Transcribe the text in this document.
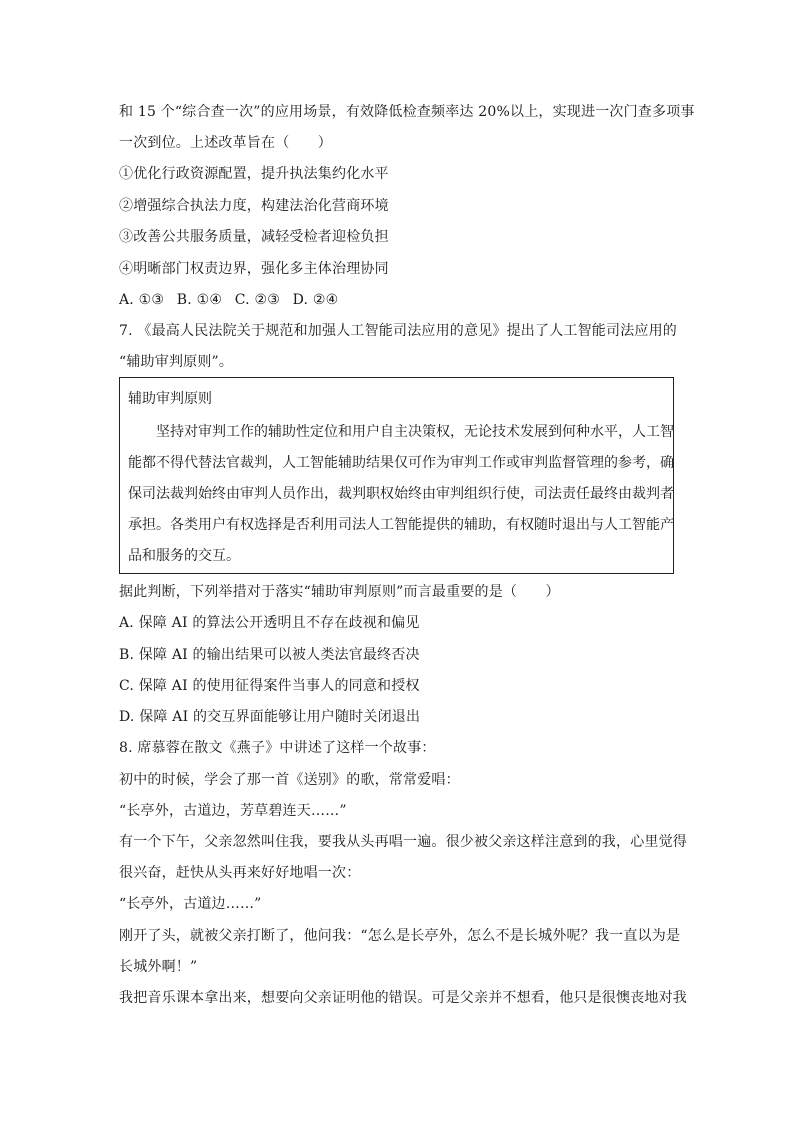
和 15 个“综合查一次”的应用场景，有效降低检查频率达 20%以上，实现进一次门查多项事
一次到位。上述改革旨在（　　）
①优化行政资源配置，提升执法集约化水平
②增强综合执法力度，构建法治化营商环境
③改善公共服务质量，减轻受检者迎检负担
④明晰部门权责边界，强化多主体治理协同
A. ①③ B. ①④ C. ②③ D. ②④
7. 《最高人民法院关于规范和加强人工智能司法应用的意见》提出了人工智能司法应用的
“辅助审判原则”。
辅助审判原则
　　坚持对审判工作的辅助性定位和用户自主决策权，无论技术发展到何种水平，人工智
能都不得代替法官裁判，人工智能辅助结果仅可作为审判工作或审判监督管理的参考，确
保司法裁判始终由审判人员作出，裁判职权始终由审判组织行使，司法责任最终由裁判者
承担。各类用户有权选择是否利用司法人工智能提供的辅助，有权随时退出与人工智能产
品和服务的交互。
据此判断，下列举措对于落实“辅助审判原则”而言最重要的是（　　）
A. 保障 AI 的算法公开透明且不存在歧视和偏见
B. 保障 AI 的输出结果可以被人类法官最终否决
C. 保障 AI 的使用征得案件当事人的同意和授权
D. 保障 AI 的交互界面能够让用户随时关闭退出
8. 席慕蓉在散文《燕子》中讲述了这样一个故事：
初中的时候，学会了那一首《送别》的歌，常常爱唱：
“长亭外，古道边，芳草碧连天……”
有一个下午，父亲忽然叫住我，要我从头再唱一遍。很少被父亲这样注意到的我，心里觉得
很兴奋，赶快从头再来好好地唱一次：
“长亭外，古道边……”
刚开了头，就被父亲打断了，他问我：“怎么是长亭外，怎么不是长城外呢？我一直以为是
长城外啊！”
我把音乐课本拿出来，想要向父亲证明他的错误。可是父亲并不想看，他只是很懊丧地对我
